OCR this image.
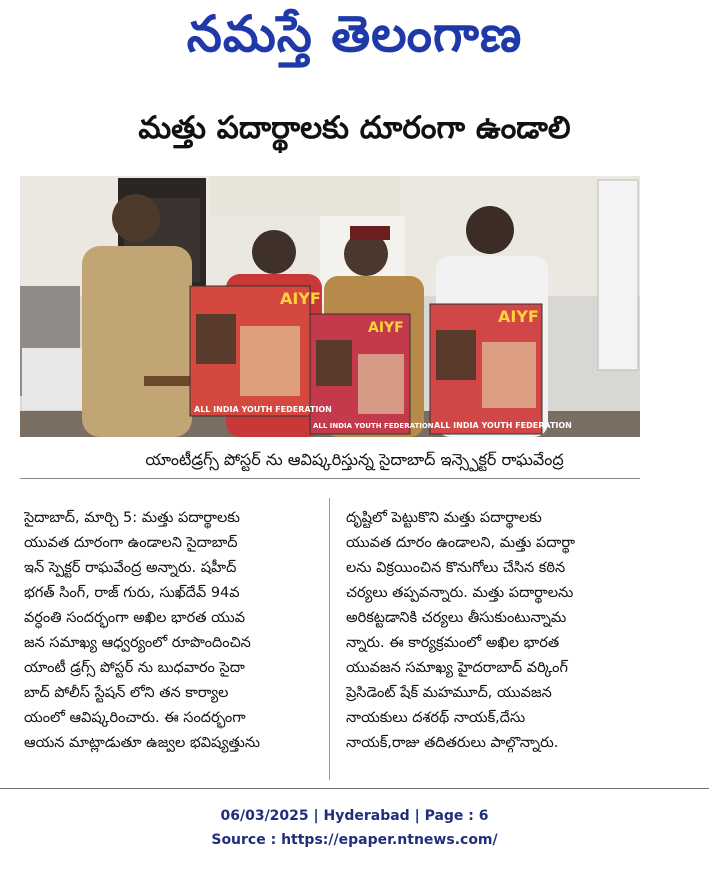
నమస్తే తెలంగాణ
మత్తు పదార్థాలకు దూరంగా ఉండాలి
AIYF
AIYF
AIYF
ALL INDIA YOUTH FEDERATION
ALL INDIA YOUTH FEDERATION ALL INDIA YOUTH FEDERATION
యాంటీడ్రగ్స్ పోస్టర్ ను ఆవిష్కరిస్తున్న సైదాబాద్ ఇన్స్పెక్టర్ రాఘవేంద్ర
సైదాబాద్, మార్చి 5: మత్తు పదార్థాలకు
యువత దూరంగా ఉండాలని సైదాబాద్
ఇన్ స్పెక్టర్ రాఘవేంద్ర అన్నారు. షహీద్
భగత్ సింగ్, రాజ్ గురు, సుఖ్‌దేవ్ 94వ
వర్ధంతి సందర్భంగా అఖిల భారత యువ
జన సమాఖ్య ఆధ్వర్యంలో రూపొందించిన
యాంటీ డ్రగ్స్ పోస్టర్ ను బుధవారం సైదా
బాద్ పోలీస్ స్టేషన్ లోని తన కార్యాల
యంలో ఆవిష్కరించారు. ఈ సందర్భంగా
ఆయన మాట్లాడుతూ ఉజ్వల భవిష్యత్తును
దృష్టిలో పెట్టుకొని మత్తు పదార్థాలకు
యువత దూరం ఉండాలని, మత్తు పదార్థా
లను విక్రయించిన కొనుగోలు చేసిన కఠిన
చర్యలు తప్పవన్నారు. మత్తు పదార్థాలను
అరికట్టడానికి చర్యలు తీసుకుంటున్నామ
న్నారు. ఈ కార్యక్రమంలో అఖిల భారత
యువజన సమాఖ్య హైదరాబాద్ వర్కింగ్
ప్రెసిడెంట్ షేక్ మహమూద్, యువజన
నాయకులు దశరథ్ నాయక్,దేసు
నాయక్,రాజు తదితరులు పాల్గొన్నారు.
06/03/2025 | Hyderabad | Page : 6
Source : https://epaper.ntnews.com/
